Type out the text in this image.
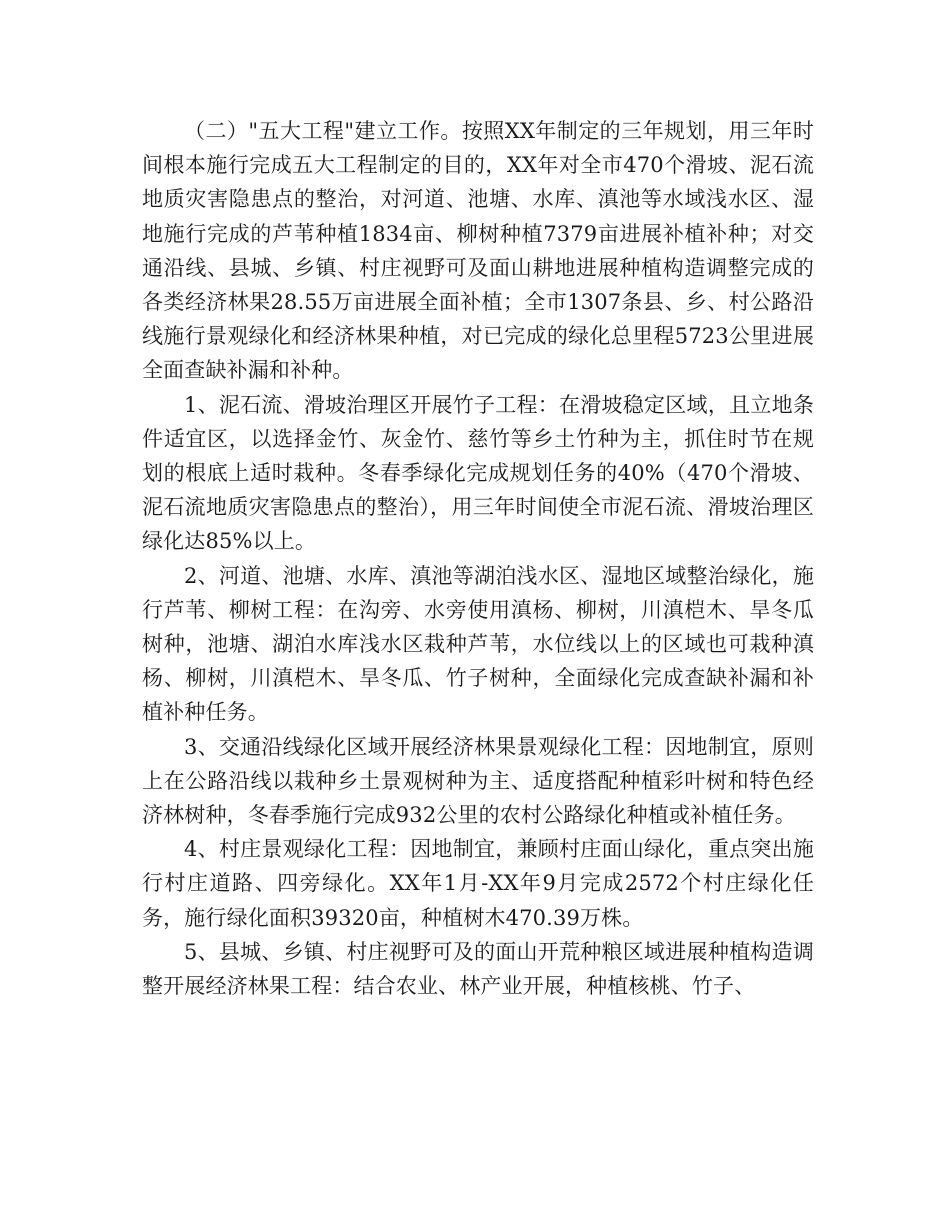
（二）"五大工程"建立工作。按照XX年制定的三年规划，用三年时间根本施行完成五大工程制定的目的，XX年对全市470个滑坡、泥石流地质灾害隐患点的整治，对河道、池塘、水库、滇池等水域浅水区、湿地施行完成的芦苇种植1834亩、柳树种植7379亩进展补植补种；对交通沿线、县城、乡镇、村庄视野可及面山耕地进展种植构造调整完成的各类经济林果28.55万亩进展全面补植；全市1307条县、乡、村公路沿线施行景观绿化和经济林果种植，对已完成的绿化总里程5723公里进展全面查缺补漏和补种。

1、泥石流、滑坡治理区开展竹子工程：在滑坡稳定区域，且立地条件适宜区，以选择金竹、灰金竹、慈竹等乡土竹种为主，抓住时节在规划的根底上适时栽种。冬春季绿化完成规划任务的40%（470个滑坡、泥石流地质灾害隐患点的整治），用三年时间使全市泥石流、滑坡治理区绿化达85%以上。

2、河道、池塘、水库、滇池等湖泊浅水区、湿地区域整治绿化，施行芦苇、柳树工程：在沟旁、水旁使用滇杨、柳树，川滇桤木、旱冬瓜树种，池塘、湖泊水库浅水区栽种芦苇，水位线以上的区域也可栽种滇杨、柳树，川滇桤木、旱冬瓜、竹子树种，全面绿化完成查缺补漏和补植补种任务。

3、交通沿线绿化区域开展经济林果景观绿化工程：因地制宜，原则上在公路沿线以栽种乡土景观树种为主、适度搭配种植彩叶树和特色经济林树种，冬春季施行完成932公里的农村公路绿化种植或补植任务。

4、村庄景观绿化工程：因地制宜，兼顾村庄面山绿化，重点突出施行村庄道路、四旁绿化。XX年1月-XX年9月完成2572个村庄绿化任务，施行绿化面积39320亩，种植树木470.39万株。

5、县城、乡镇、村庄视野可及的面山开荒种粮区域进展种植构造调整开展经济林果工程：结合农业、林产业开展，种植核桃、竹子、
